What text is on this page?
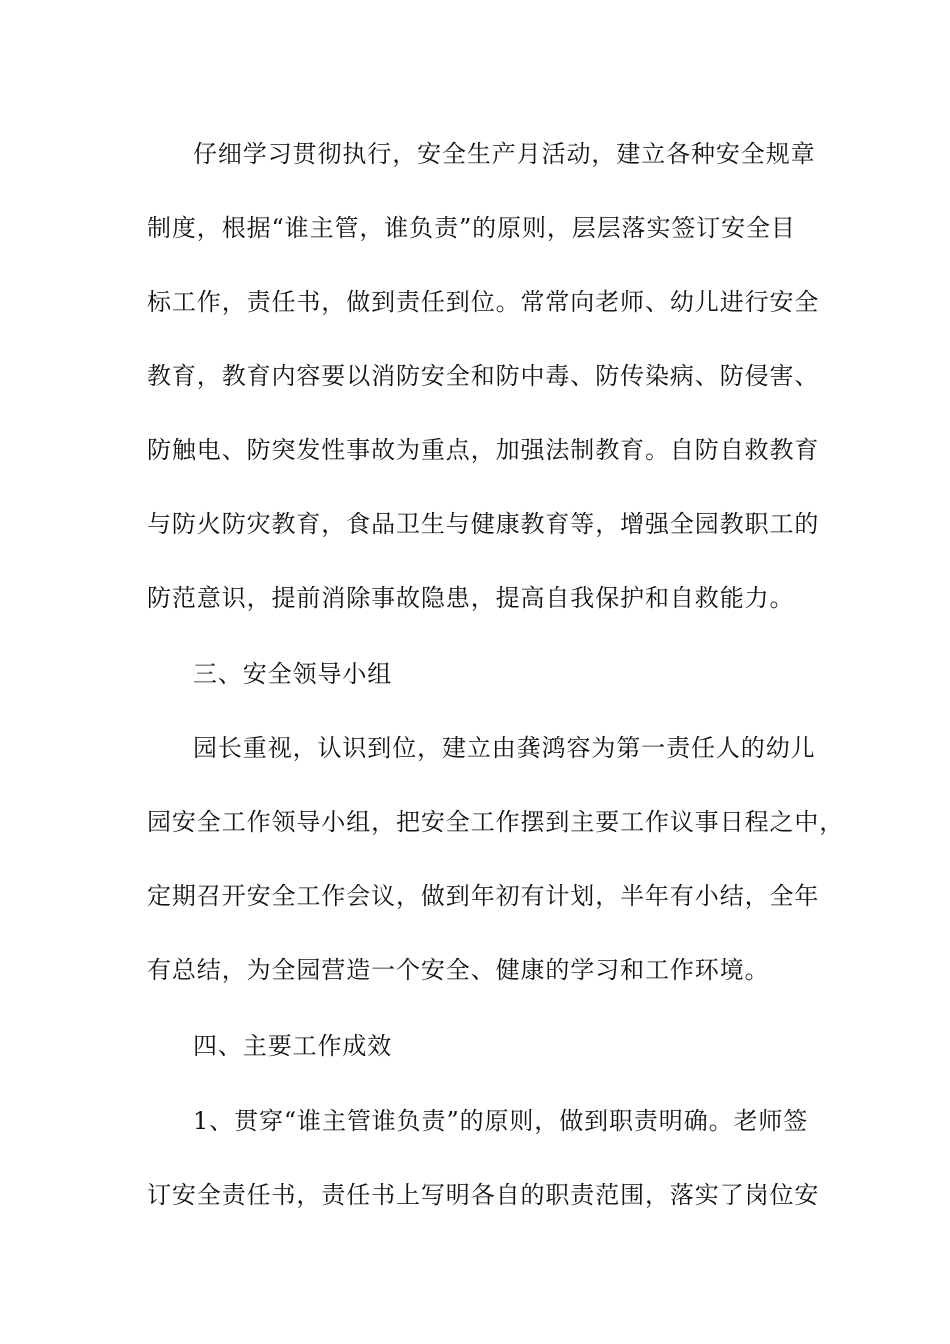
仔细学习贯彻执行，安全生产月活动，建立各种安全规章
制度，根据“谁主管，谁负责”的原则，层层落实签订安全目
标工作，责任书，做到责任到位。常常向老师、幼儿进行安全
教育，教育内容要以消防安全和防中毒、防传染病、防侵害、
防触电、防突发性事故为重点，加强法制教育。自防自救教育
与防火防灾教育，食品卫生与健康教育等，增强全园教职工的
防范意识，提前消除事故隐患，提高自我保护和自救能力。
三、安全领导小组
园长重视，认识到位，建立由龚鸿容为第一责任人的幼儿
园安全工作领导小组，把安全工作摆到主要工作议事日程之中，
定期召开安全工作会议，做到年初有计划，半年有小结，全年
有总结，为全园营造一个安全、健康的学习和工作环境。
四、主要工作成效
1、贯穿“谁主管谁负责”的原则，做到职责明确。老师签
订安全责任书，责任书上写明各自的职责范围，落实了岗位安
